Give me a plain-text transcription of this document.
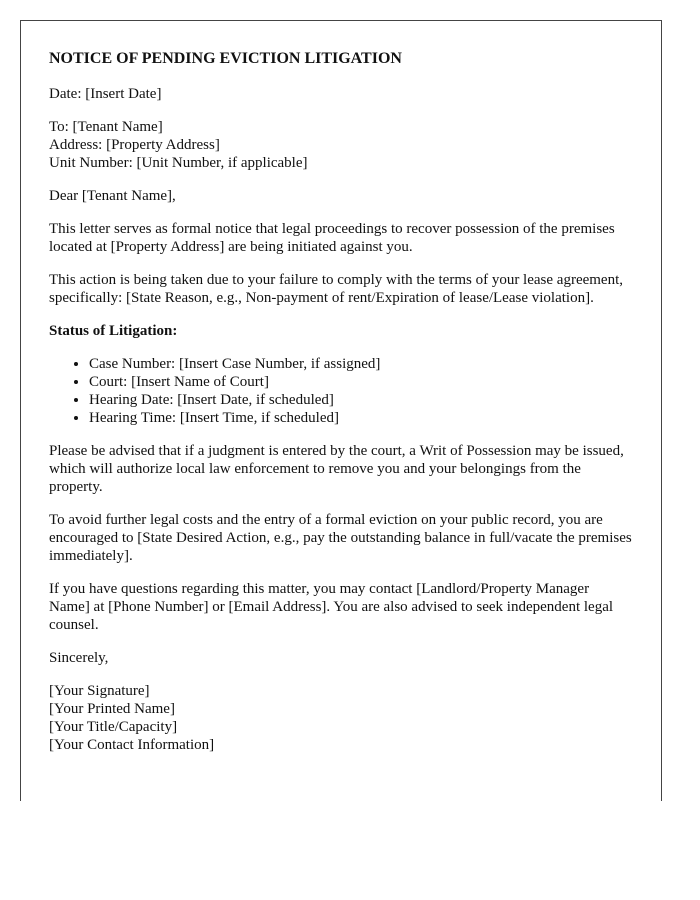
NOTICE OF PENDING EVICTION LITIGATION

Date: [Insert Date]

To: [Tenant Name]
Address: [Property Address]
Unit Number: [Unit Number, if applicable]

Dear [Tenant Name],

This letter serves as formal notice that legal proceedings to recover possession of the premises located at [Property Address] are being initiated against you.

This action is being taken due to your failure to comply with the terms of your lease agreement, specifically: [State Reason, e.g., Non-payment of rent/Expiration of lease/Lease violation].

Status of Litigation:

• Case Number: [Insert Case Number, if assigned]
• Court: [Insert Name of Court]
• Hearing Date: [Insert Date, if scheduled]
• Hearing Time: [Insert Time, if scheduled]

Please be advised that if a judgment is entered by the court, a Writ of Possession may be issued, which will authorize local law enforcement to remove you and your belongings from the property.

To avoid further legal costs and the entry of a formal eviction on your public record, you are encouraged to [State Desired Action, e.g., pay the outstanding balance in full/vacate the premises immediately].

If you have questions regarding this matter, you may contact [Landlord/Property Manager Name] at [Phone Number] or [Email Address]. You are also advised to seek independent legal counsel.

Sincerely,

[Your Signature]
[Your Printed Name]
[Your Title/Capacity]
[Your Contact Information]
